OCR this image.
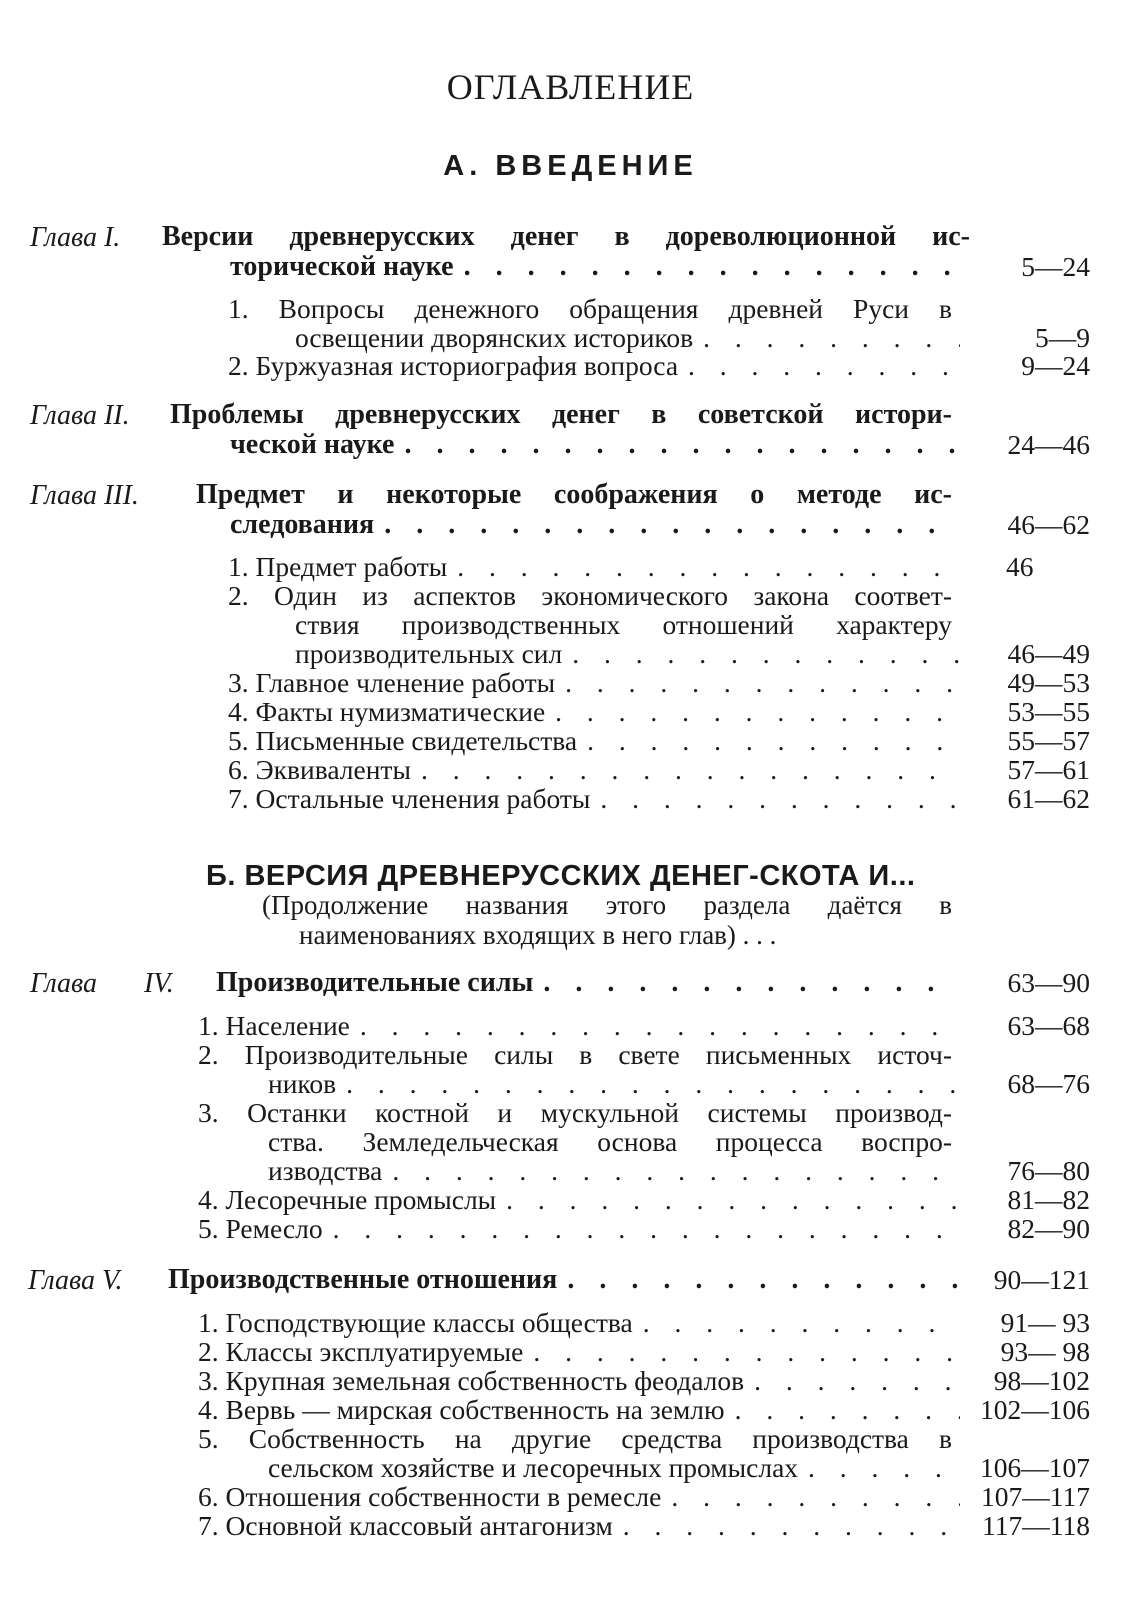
ОГЛАВЛЕНИЕ
А. ВВЕДЕНИЕ
Глава I. Версии древнерусских денег в дореволюционной ис-
торической науке . . .	5—24
1. Вопросы денежного обращения древней Руси в
освещении дворянских историков . . .	5—9
2. Буржуазная историография вопроса . . .	9—24
Глава II. Проблемы древнерусских денег в советской истори-
ческой науке . . .	24—46
Глава III. Предмет и некоторые соображения о методе ис-
следования . . .	46—62
1. Предмет работы . . .	46
2. Один из аспектов экономического закона соответ-
ствия производственных отношений характеру
производительных сил . . .	46—49
3. Главное членение работы . . .	49—53
4. Факты нумизматические . . .	53—55
5. Письменные свидетельства . . .	55—57
6. Эквиваленты . . .	57—61
7. Остальные членения работы . . .	61—62
Б. ВЕРСИЯ ДРЕВНЕРУССКИХ ДЕНЕГ-СКОТА И...
(Продолжение названия этого раздела даётся в
наименованиях входящих в него глав) . . .
Глава IV. Производительные силы . . .	63—90
1. Население . . .	63—68
2. Производительные силы в свете письменных источ-
ников . . .	68—76
3. Останки костной и мускульной системы производ-
ства. Земледельческая основа процесса воспро-
изводства . . .	76—80
4. Лесоречные промыслы . . .	81—82
5. Ремесло . . .	82—90
Глава V. Производственные отношения . . .	90—121
1. Господствующие классы общества . . .	91— 93
2. Классы эксплуатируемые . . .	93— 98
3. Крупная земельная собственность феодалов . . .	98—102
4. Вервь — мирская собственность на землю . . .	102—106
5. Собственность на другие средства производства в
сельском хозяйстве и лесоречных промыслах . . .	106—107
6. Отношения собственности в ремесле . . .	107—117
7. Основной классовый антагонизм . . .	117—118
